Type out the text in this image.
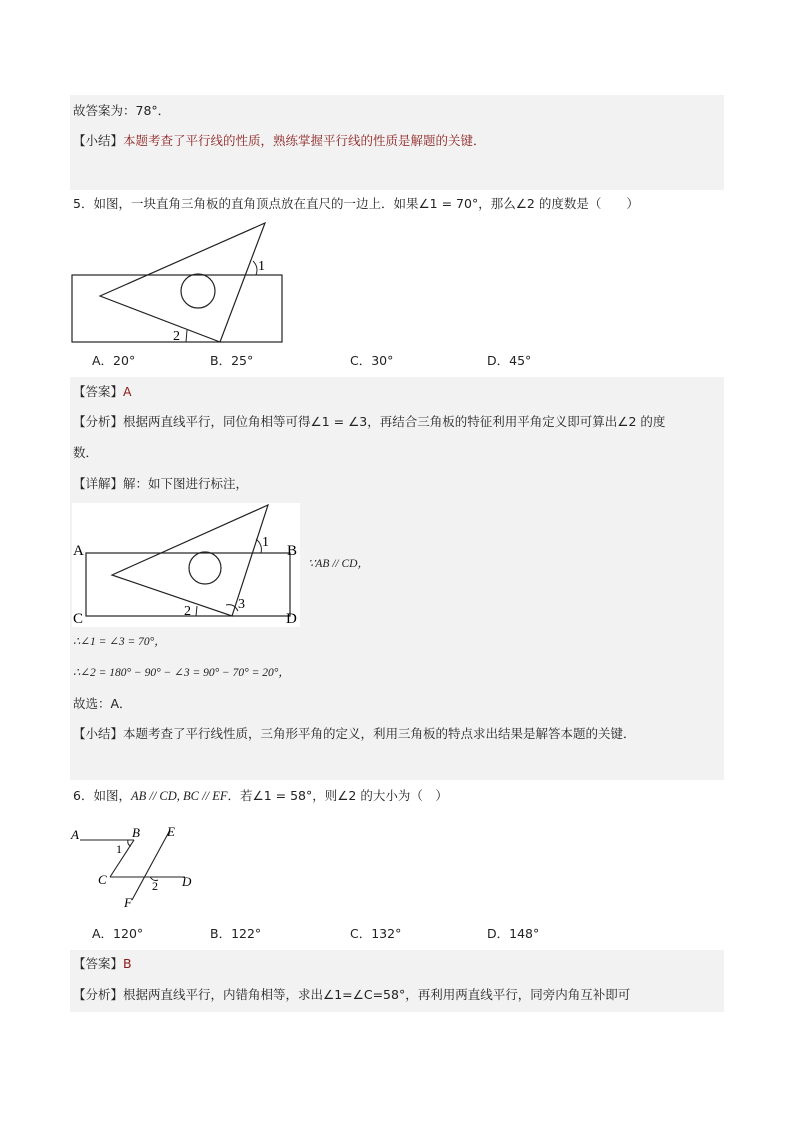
故答案为：78°．
【小结】本题考查了平行线的性质，熟练掌握平行线的性质是解题的关键．
5．如图，一块直角三角板的直角顶点放在直尺的一边上．如果∠1 = 70°，那么∠2 的度数是（　　）
1
2
A．20°	B．25°	C．30°	D．45°
【答案】A
【分析】根据两直线平行，同位角相等可得∠1 = ∠3，再结合三角板的特征利用平角定义即可算出∠2 的度
数．
【详解】解：如下图进行标注，
A	B
C	D
1
2	3
∵AB // CD，
∴∠1 = ∠3 = 70°，
∴∠2 = 180° − 90° − ∠3 = 90° − 70° = 20°，
故选：A．
【小结】本题考查了平行线性质，三角形平角的定义，利用三角板的特点求出结果是解答本题的关键．
6．如图，AB // CD, BC // EF．若∠1 = 58°，则∠2 的大小为（　）
A	B E
1
C	2 D
F
A．120°	B．122°	C．132°	D．148°
【答案】B
【分析】根据两直线平行，内错角相等，求出∠1=∠C=58°，再利用两直线平行，同旁内角互补即可
